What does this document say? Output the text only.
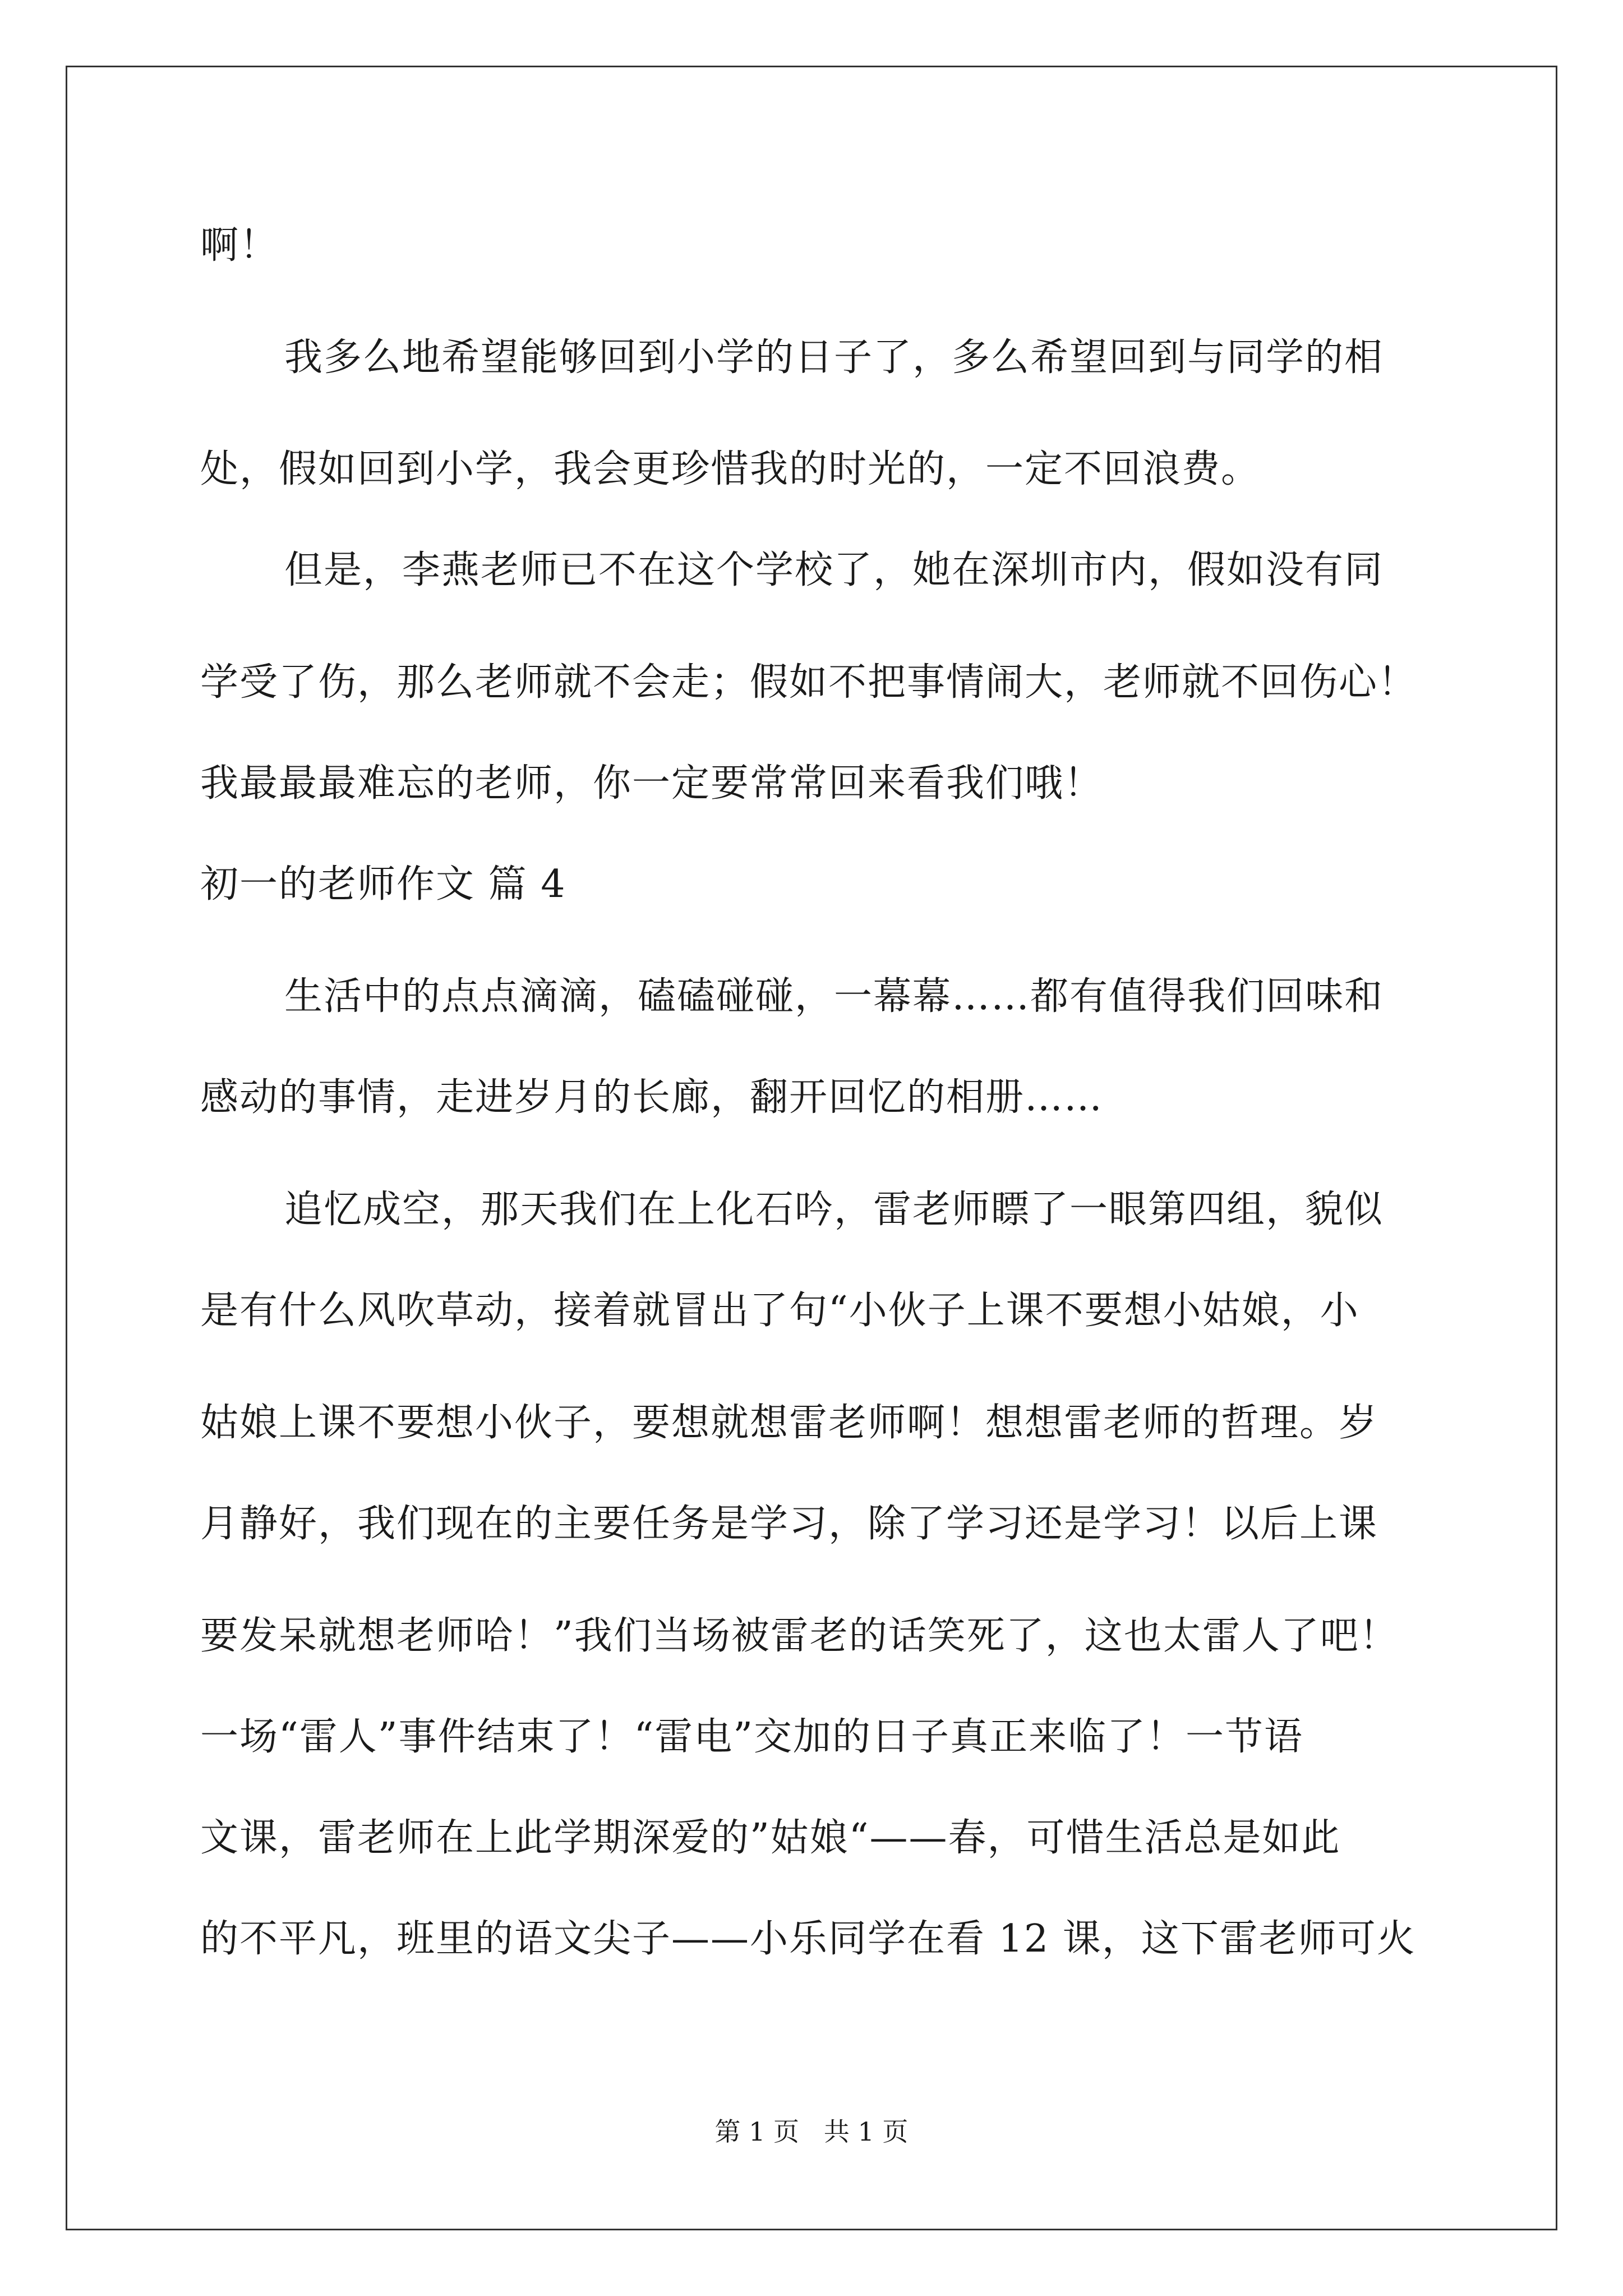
啊！
我多么地希望能够回到小学的日子了，多么希望回到与同学的相
处，假如回到小学，我会更珍惜我的时光的，一定不回浪费。
但是，李燕老师已不在这个学校了，她在深圳市内，假如没有同
学受了伤，那么老师就不会走；假如不把事情闹大，老师就不回伤心！
我最最最难忘的老师，你一定要常常回来看我们哦！
初一的老师作文 篇 4
生活中的点点滴滴，磕磕碰碰，一幕幕……都有值得我们回味和
感动的事情，走进岁月的长廊，翻开回忆的相册……
追忆成空，那天我们在上化石吟，雷老师瞟了一眼第四组，貌似
是有什么风吹草动，接着就冒出了句“小伙子上课不要想小姑娘，小
姑娘上课不要想小伙子，要想就想雷老师啊！想想雷老师的哲理。岁
月静好，我们现在的主要任务是学习，除了学习还是学习！以后上课
要发呆就想老师哈！”我们当场被雷老的话笑死了，这也太雷人了吧！
一场“雷人”事件结束了！“雷电”交加的日子真正来临了！一节语
文课，雷老师在上此学期深爱的”姑娘“——春，可惜生活总是如此
的不平凡，班里的语文尖子——小乐同学在看 12 课，这下雷老师可火
第 1 页   共 1 页
